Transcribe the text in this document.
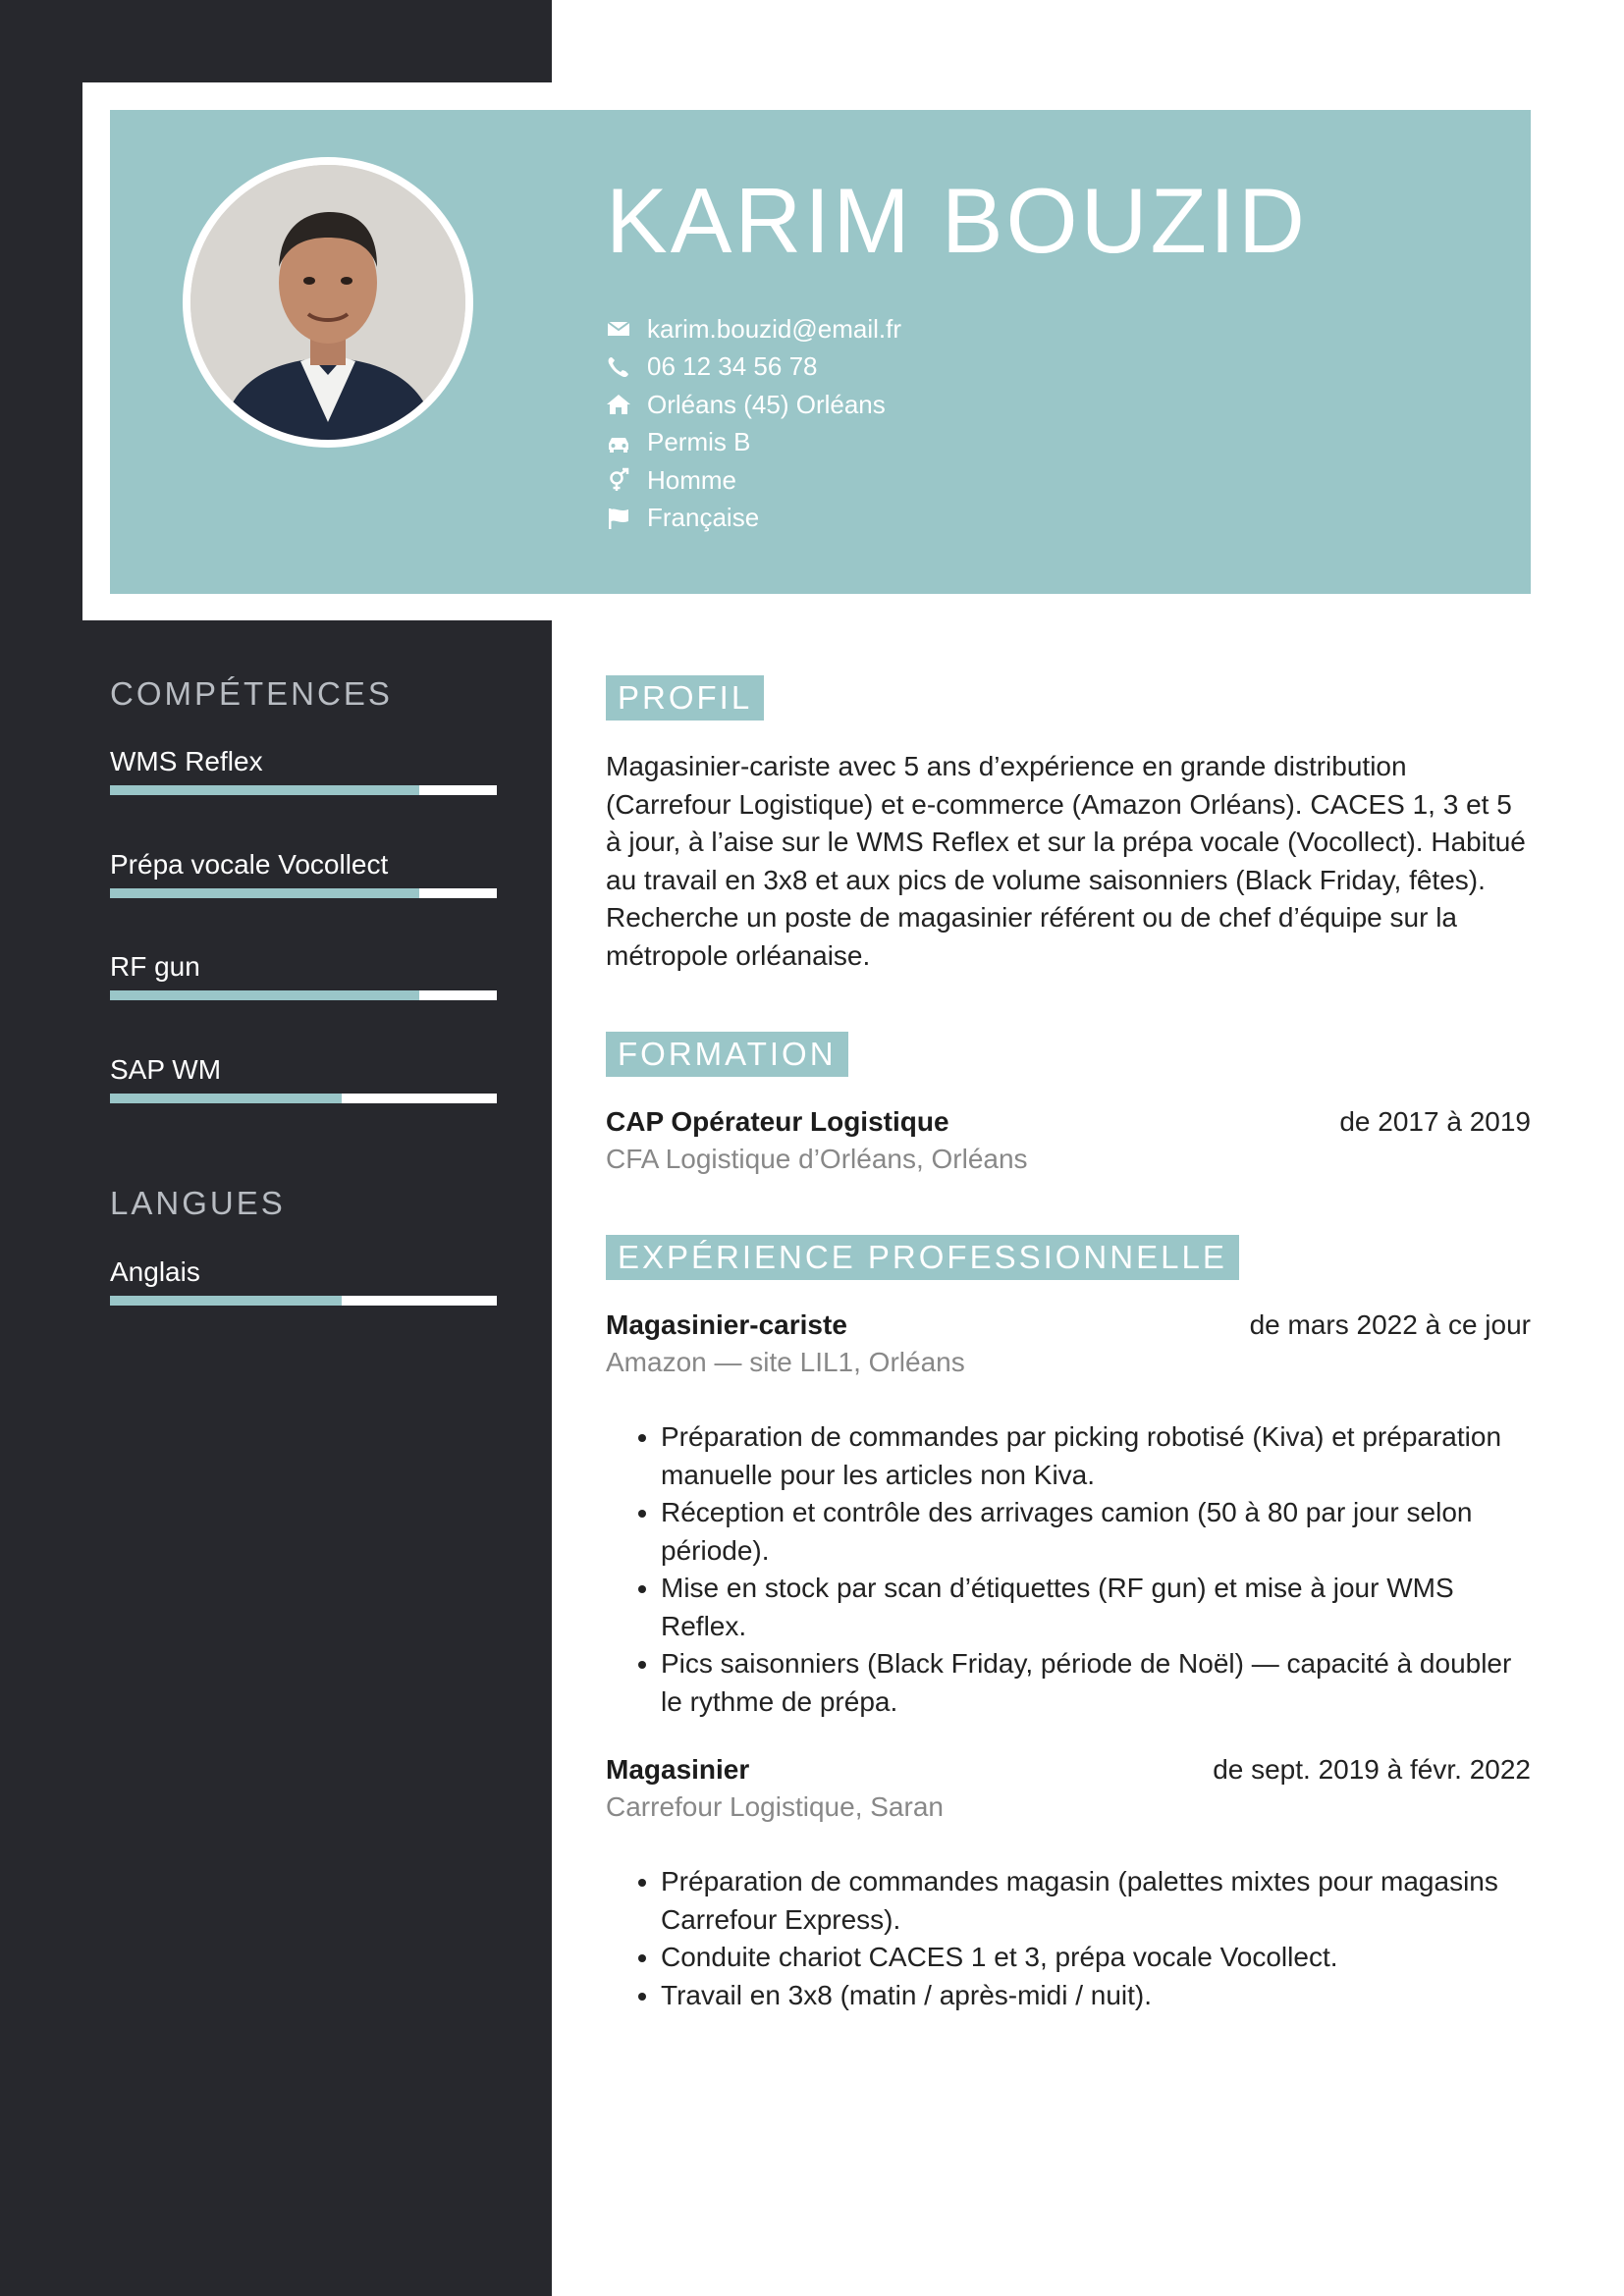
KARIM BOUZID
karim.bouzid@email.fr
06 12 34 56 78
Orléans (45) Orléans
Permis B
Homme
Française
COMPÉTENCES
WMS Reflex
Prépa vocale Vocollect
RF gun
SAP WM
LANGUES
Anglais
PROFIL

Magasinier-cariste avec 5 ans d’expérience en grande distribution (Carrefour Logistique) et e-commerce (Amazon Orléans). CACES 1, 3 et 5 à jour, à l’aise sur le WMS Reflex et sur la prépa vocale (Vocollect). Habitué au travail en 3x8 et aux pics de volume saisonniers (Black Friday, fêtes). Recherche un poste de magasinier référent ou de chef d’équipe sur la métropole orléanaise.

FORMATION
CAP Opérateur Logistique	de 2017 à 2019
CFA Logistique d’Orléans, Orléans
EXPÉRIENCE PROFESSIONNELLE
Magasinier-cariste	de mars 2022 à ce jour
Amazon — site LIL1, Orléans
• Préparation de commandes par picking robotisé (Kiva) et préparation manuelle pour les articles non Kiva.
• Réception et contrôle des arrivages camion (50 à 80 par jour selon période).
• Mise en stock par scan d’étiquettes (RF gun) et mise à jour WMS Reflex.
• Pics saisonniers (Black Friday, période de Noël) — capacité à doubler le rythme de prépa.
Magasinier	de sept. 2019 à févr. 2022
Carrefour Logistique, Saran
• Préparation de commandes magasin (palettes mixtes pour magasins Carrefour Express).
• Conduite chariot CACES 1 et 3, prépa vocale Vocollect.
• Travail en 3x8 (matin / après-midi / nuit).
